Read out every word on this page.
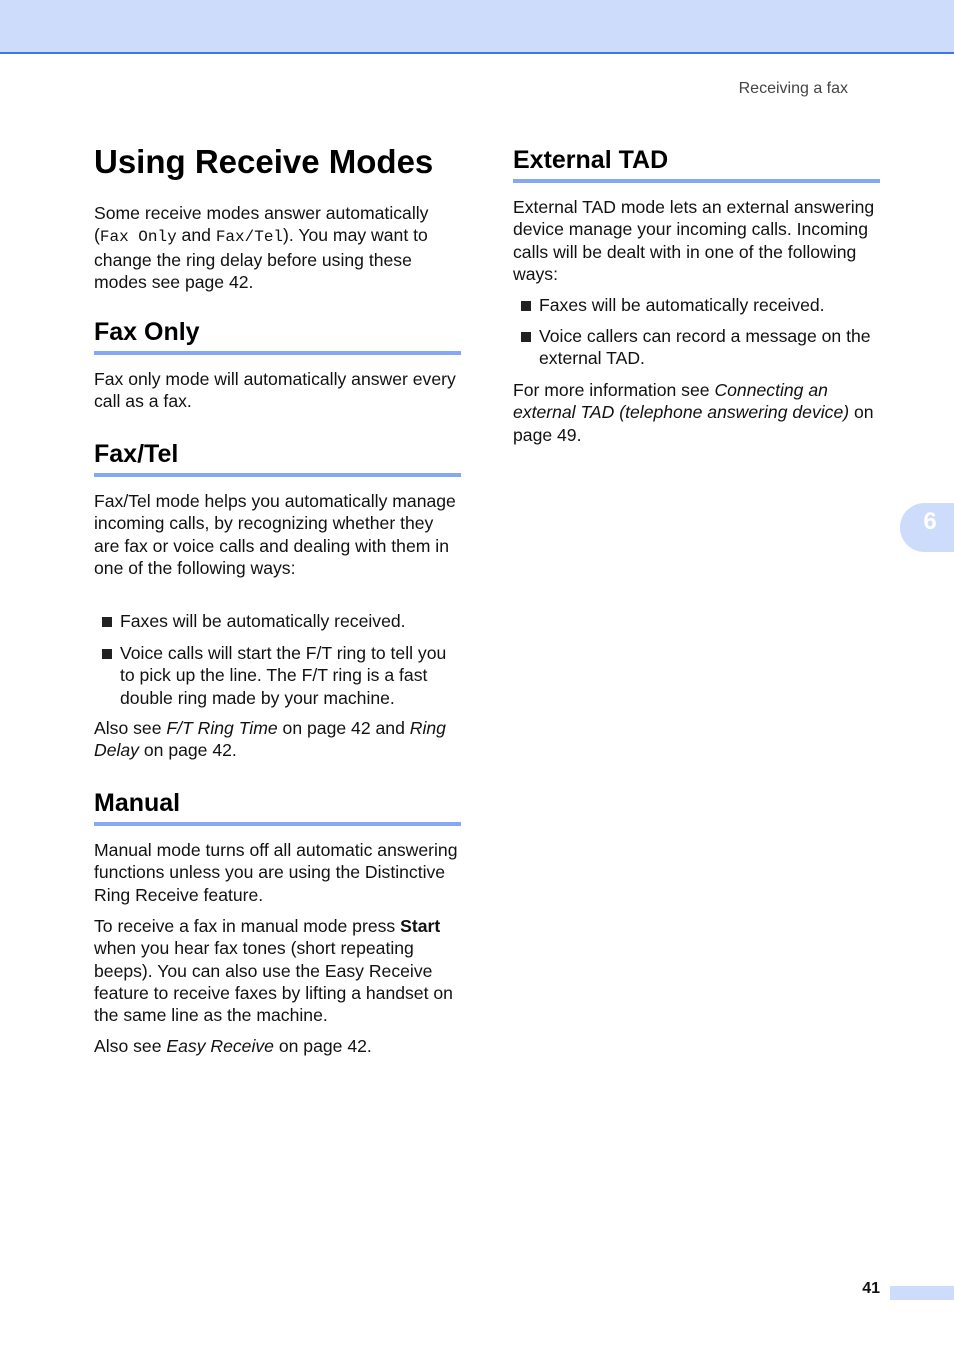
Receiving a fax
Using Receive Modes

Some receive modes answer automatically (Fax Only and Fax/Tel). You may want to change the ring delay before using these modes see page 42.

Fax Only

Fax only mode will automatically answer every call as a fax.

Fax/Tel

Fax/Tel mode helps you automatically manage incoming calls, by recognizing whether they are fax or voice calls and dealing with them in one of the following ways:

Faxes will be automatically received.
Voice calls will start the F/T ring to tell you to pick up the line. The F/T ring is a fast double ring made by your machine.

Also see F/T Ring Time on page 42 and Ring Delay on page 42.

Manual

Manual mode turns off all automatic answering functions unless you are using the Distinctive Ring Receive feature.

To receive a fax in manual mode press Start when you hear fax tones (short repeating beeps). You can also use the Easy Receive feature to receive faxes by lifting a handset on the same line as the machine.

Also see Easy Receive on page 42.

External TAD

External TAD mode lets an external answering device manage your incoming calls. Incoming calls will be dealt with in one of the following ways:

Faxes will be automatically received.
Voice callers can record a message on the external TAD.

For more information see Connecting an external TAD (telephone answering device) on page 49.

6
41
